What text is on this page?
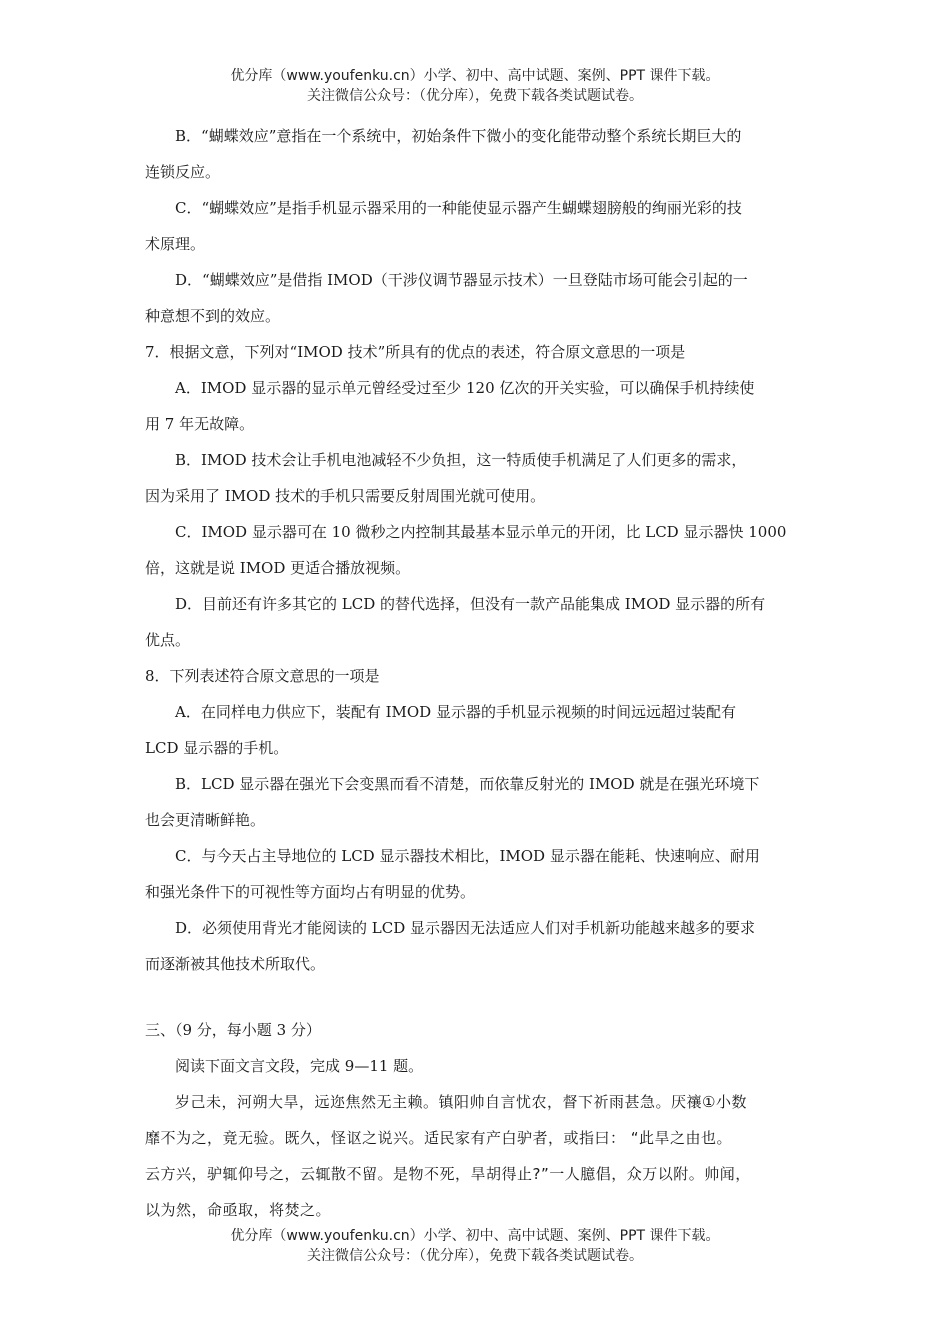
优分库（www.youfenku.cn）小学、初中、高中试题、案例、PPT 课件下载。
关注微信公众号：（优分库），免费下载各类试题试卷。
B．“蝴蝶效应”意指在一个系统中，初始条件下微小的变化能带动整个系统长期巨大的
连锁反应。
C．“蝴蝶效应”是指手机显示器采用的一种能使显示器产生蝴蝶翅膀般的绚丽光彩的技
术原理。
D．“蝴蝶效应”是借指 IMOD（干涉仪调节器显示技术）一旦登陆市场可能会引起的一
种意想不到的效应。
7．根据文意，下列对“IMOD 技术”所具有的优点的表述，符合原文意思的一项是
A．IMOD 显示器的显示单元曾经受过至少 120 亿次的开关实验，可以确保手机持续使
用 7 年无故障。
B．IMOD 技术会让手机电池减轻不少负担，这一特质使手机满足了人们更多的需求，
因为采用了 IMOD 技术的手机只需要反射周围光就可使用。
C．IMOD 显示器可在 10 微秒之内控制其最基本显示单元的开闭，比 LCD 显示器快 1000
倍，这就是说 IMOD 更适合播放视频。
D．目前还有许多其它的 LCD 的替代选择，但没有一款产品能集成 IMOD 显示器的所有
优点。
8．下列表述符合原文意思的一项是
A．在同样电力供应下，装配有 IMOD 显示器的手机显示视频的时间远远超过装配有
LCD 显示器的手机。
B．LCD 显示器在强光下会变黑而看不清楚，而依靠反射光的 IMOD 就是在强光环境下
也会更清晰鲜艳。
C．与今天占主导地位的 LCD 显示器技术相比，IMOD 显示器在能耗、快速响应、耐用
和强光条件下的可视性等方面均占有明显的优势。
D．必须使用背光才能阅读的 LCD 显示器因无法适应人们对手机新功能越来越多的要求
而逐渐被其他技术所取代。
三、（9 分，每小题 3 分）
阅读下面文言文段，完成 9—11 题。
岁己未，河朔大旱，远迩焦然无主赖。镇阳帅自言忧农，督下祈雨甚急。厌禳①小数
靡不为之，竟无验。既久，怪讴之说兴。适民家有产白驴者，或指曰： “此旱之由也。
云方兴，驴辄仰号之，云辄散不留。是物不死，旱胡得止?”一人臆倡，众万以附。帅闻，
以为然，命亟取，将焚之。
优分库（www.youfenku.cn）小学、初中、高中试题、案例、PPT 课件下载。
关注微信公众号：（优分库），免费下载各类试题试卷。
